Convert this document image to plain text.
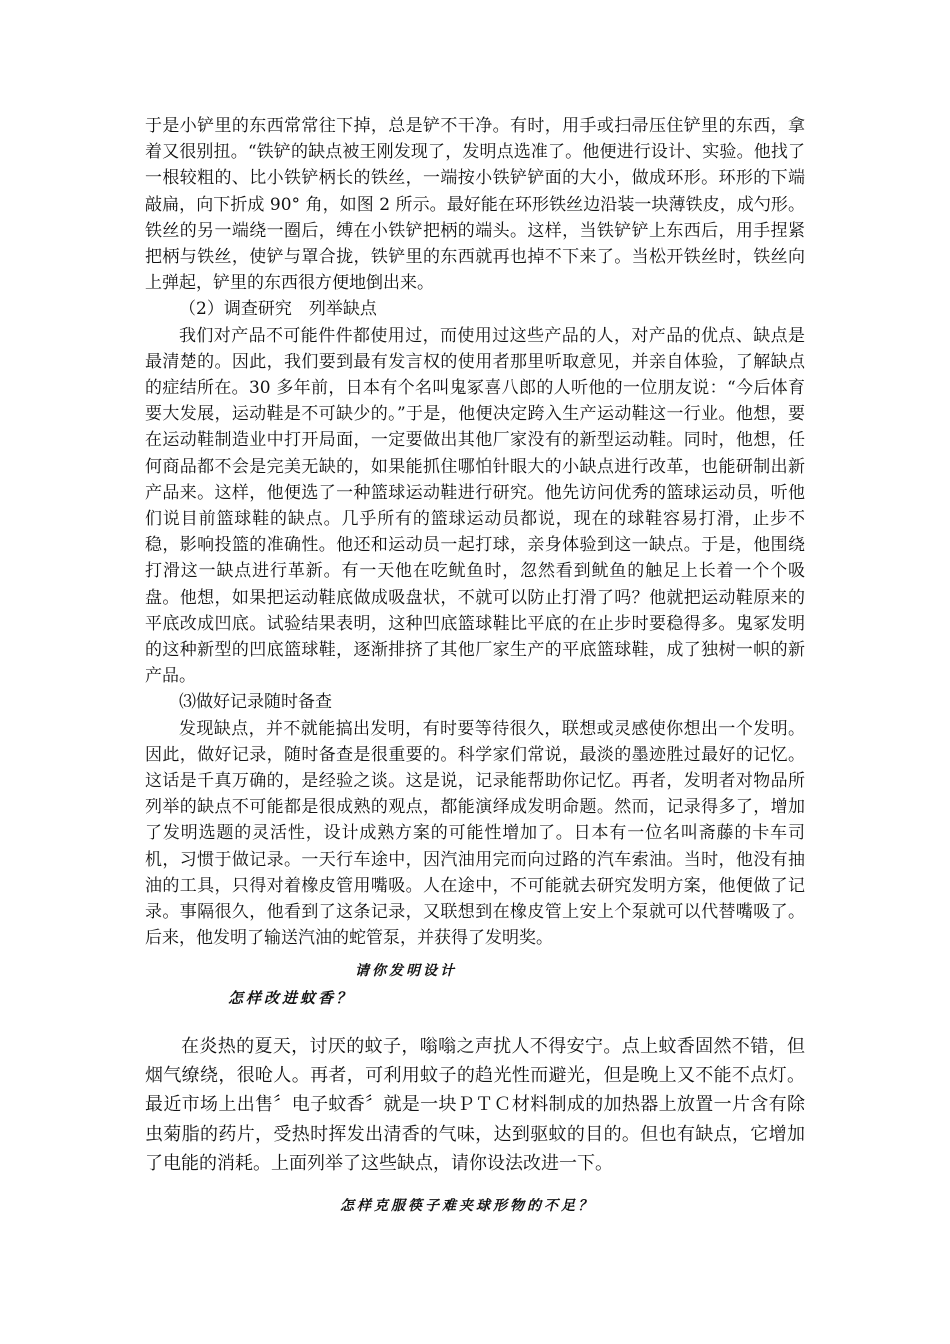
于是小铲里的东西常常往下掉，总是铲不干净。有时，用手或扫帚压住铲里的东西，拿着又很别扭。“铁铲的缺点被王刚发现了，发明点选准了。他便进行设计、实验。他找了一根较粗的、比小铁铲柄长的铁丝，一端按小铁铲铲面的大小，做成环形。环形的下端敲扁，向下折成 90° 角，如图 2 所示。最好能在环形铁丝边沿装一块薄铁皮，成勺形。铁丝的另一端绕一圈后，缚在小铁铲把柄的端头。这样，当铁铲铲上东西后，用手捏紧把柄与铁丝，使铲与罩合拢，铁铲里的东西就再也掉不下来了。当松开铁丝时，铁丝向上弹起，铲里的东西很方便地倒出来。

（2）调查研究　列举缺点

我们对产品不可能件件都使用过，而使用过这些产品的人，对产品的优点、缺点是最清楚的。因此，我们要到最有发言权的使用者那里听取意见，并亲自体验，了解缺点的症结所在。30 多年前，日本有个名叫鬼冢喜八郎的人听他的一位朋友说：“今后体育要大发展，运动鞋是不可缺少的。”于是，他便决定跨入生产运动鞋这一行业。他想，要在运动鞋制造业中打开局面，一定要做出其他厂家没有的新型运动鞋。同时，他想，任何商品都不会是完美无缺的，如果能抓住哪怕针眼大的小缺点进行改革，也能研制出新产品来。这样，他便选了一种篮球运动鞋进行研究。他先访问优秀的篮球运动员，听他们说目前篮球鞋的缺点。几乎所有的篮球运动员都说，现在的球鞋容易打滑，止步不稳，影响投篮的准确性。他还和运动员一起打球，亲身体验到这一缺点。于是，他围绕打滑这一缺点进行革新。有一天他在吃鱿鱼时，忽然看到鱿鱼的触足上长着一个个吸盘。他想，如果把运动鞋底做成吸盘状，不就可以防止打滑了吗？他就把运动鞋原来的平底改成凹底。试验结果表明，这种凹底篮球鞋比平底的在止步时要稳得多。鬼冢发明的这种新型的凹底篮球鞋，逐渐排挤了其他厂家生产的平底篮球鞋，成了独树一帜的新产品。

⑶做好记录随时备查

发现缺点，并不就能搞出发明，有时要等待很久，联想或灵感使你想出一个发明。因此，做好记录，随时备查是很重要的。科学家们常说，最淡的墨迹胜过最好的记忆。这话是千真万确的，是经验之谈。这是说，记录能帮助你记忆。再者，发明者对物品所列举的缺点不可能都是很成熟的观点，都能演绎成发明命题。然而，记录得多了，增加了发明选题的灵活性，设计成熟方案的可能性增加了。日本有一位名叫斋藤的卡车司机，习惯于做记录。一天行车途中，因汽油用完而向过路的汽车索油。当时，他没有抽油的工具，只得对着橡皮管用嘴吸。人在途中，不可能就去研究发明方案，他便做了记录。事隔很久，他看到了这条记录，又联想到在橡皮管上安上个泵就可以代替嘴吸了。后来，他发明了输送汽油的蛇管泵，并获得了发明奖。

请你发明设计

怎样改进蚊香？

在炎热的夏天，讨厌的蚊子，嗡嗡之声扰人不得安宁。点上蚊香固然不错，但烟气缭绕，很呛人。再者，可利用蚊子的趋光性而避光，但是晚上又不能不点灯。最近市场上出售〞电子蚊香〞就是一块ＰＴＣ材料制成的加热器上放置一片含有除虫菊脂的药片，受热时挥发出清香的气味，达到驱蚊的目的。但也有缺点，它增加了电能的消耗。上面列举了这些缺点，请你设法改进一下。

怎样克服筷子难夹球形物的不足？
